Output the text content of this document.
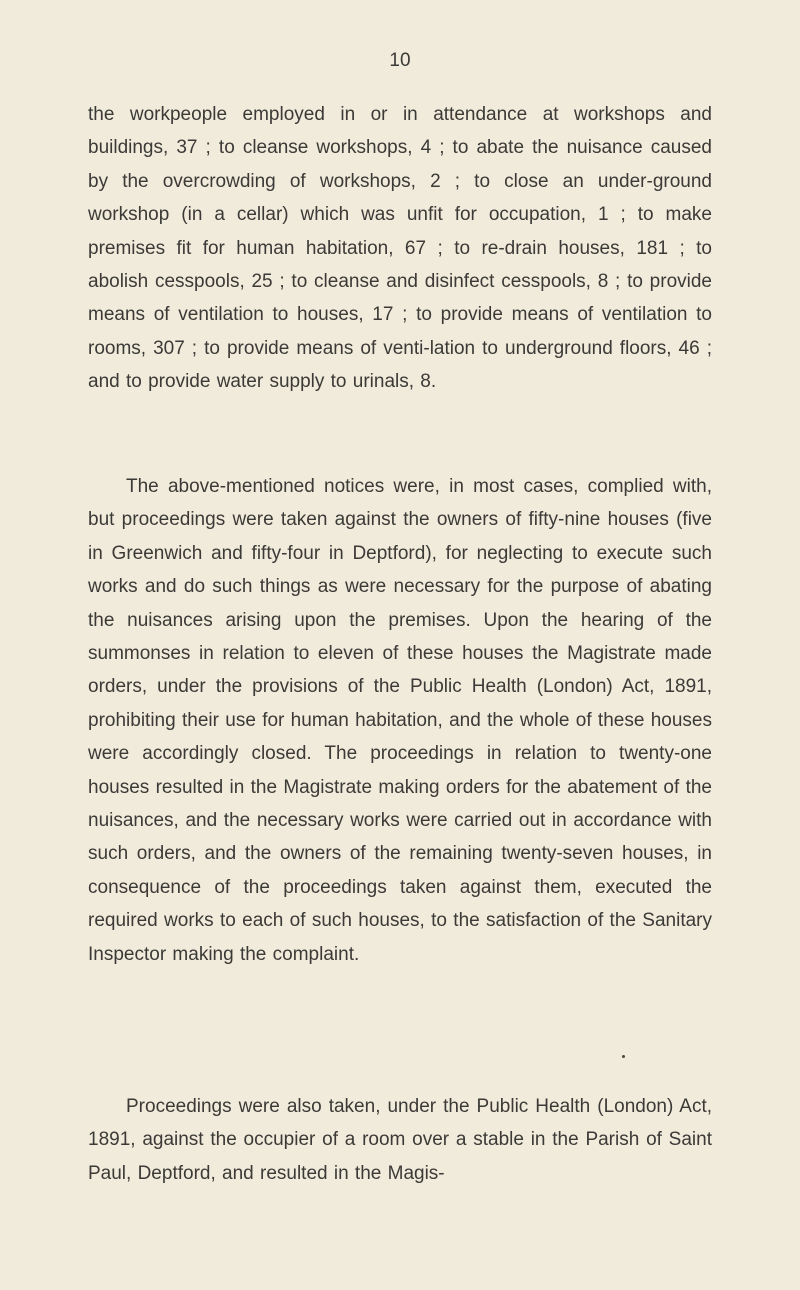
10

the workpeople employed in or in attendance at workshops and buildings, 37 ; to cleanse workshops, 4 ; to abate the nuisance caused by the overcrowding of workshops, 2 ; to close an under-ground workshop (in a cellar) which was unfit for occupation, 1 ; to make premises fit for human habitation, 67 ; to re-drain houses, 181 ; to abolish cesspools, 25 ; to cleanse and disinfect cesspools, 8 ; to provide means of ventilation to houses, 17 ; to provide means of ventilation to rooms, 307 ; to provide means of venti-lation to underground floors, 46 ; and to provide water supply to urinals, 8.

The above-mentioned notices were, in most cases, complied with, but proceedings were taken against the owners of fifty-nine houses (five in Greenwich and fifty-four in Deptford), for neglecting to execute such works and do such things as were necessary for the purpose of abating the nuisances arising upon the premises. Upon the hearing of the summonses in relation to eleven of these houses the Magistrate made orders, under the provisions of the Public Health (London) Act, 1891, prohibiting their use for human habitation, and the whole of these houses were accordingly closed. The proceedings in relation to twenty-one houses resulted in the Magistrate making orders for the abatement of the nuisances, and the necessary works were carried out in accordance with such orders, and the owners of the remaining twenty-seven houses, in consequence of the proceedings taken against them, executed the required works to each of such houses, to the satisfaction of the Sanitary Inspector making the complaint.

Proceedings were also taken, under the Public Health (London) Act, 1891, against the occupier of a room over a stable in the Parish of Saint Paul, Deptford, and resulted in the Magis-
